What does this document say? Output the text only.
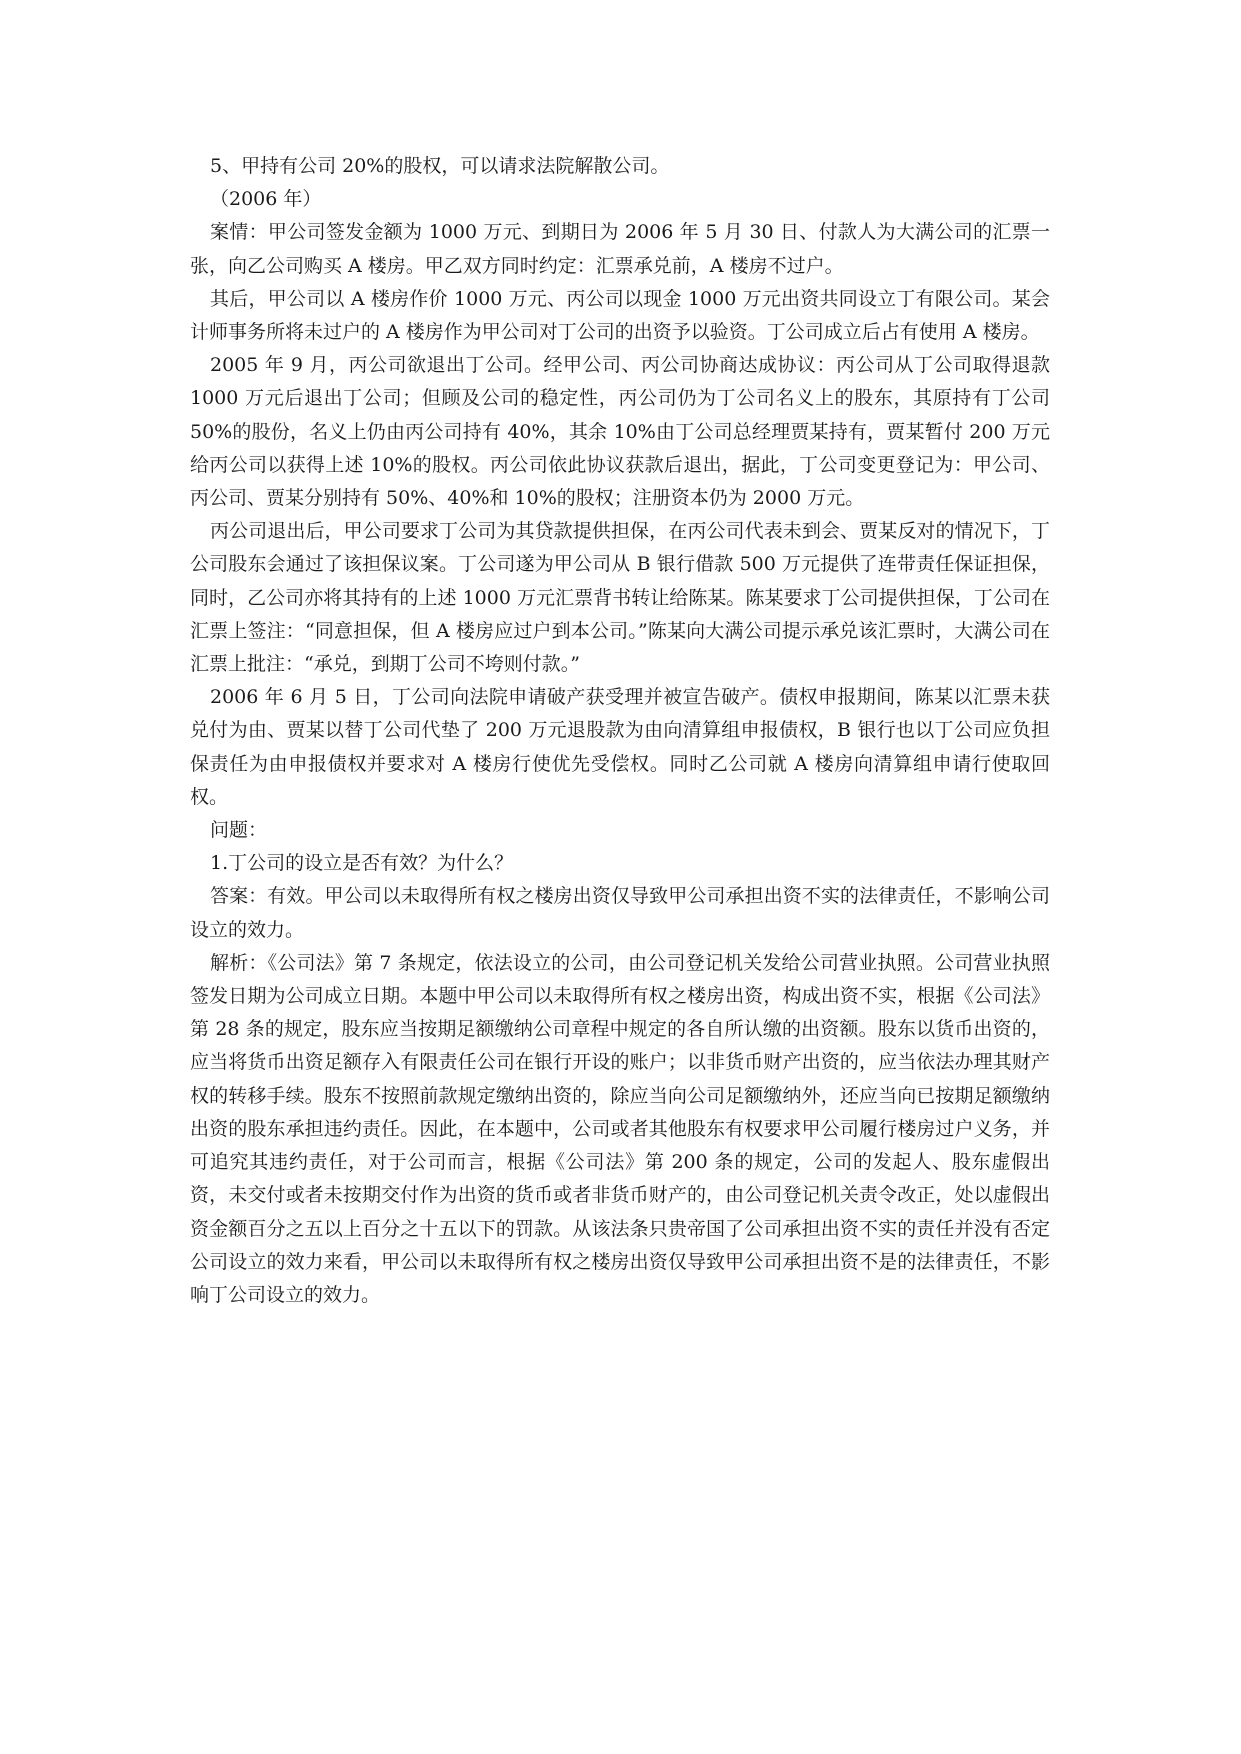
5、甲持有公司 20%的股权，可以请求法院解散公司。

（2006 年）

案情：甲公司签发金额为 1000 万元、到期日为 2006 年 5 月 30 日、付款人为大满公司的汇票一张，向乙公司购买 A 楼房。甲乙双方同时约定：汇票承兑前，A 楼房不过户。

其后，甲公司以 A 楼房作价 1000 万元、丙公司以现金 1000 万元出资共同设立丁有限公司。某会计师事务所将未过户的 A 楼房作为甲公司对丁公司的出资予以验资。丁公司成立后占有使用 A 楼房。

2005 年 9 月，丙公司欲退出丁公司。经甲公司、丙公司协商达成协议：丙公司从丁公司取得退款 1000 万元后退出丁公司；但顾及公司的稳定性，丙公司仍为丁公司名义上的股东，其原持有丁公司 50%的股份，名义上仍由丙公司持有 40%，其余 10%由丁公司总经理贾某持有，贾某暂付 200 万元给丙公司以获得上述 10%的股权。丙公司依此协议获款后退出，据此，丁公司变更登记为：甲公司、丙公司、贾某分别持有 50%、40%和 10%的股权；注册资本仍为 2000 万元。

丙公司退出后，甲公司要求丁公司为其贷款提供担保，在丙公司代表未到会、贾某反对的情况下，丁公司股东会通过了该担保议案。丁公司遂为甲公司从 B 银行借款 500 万元提供了连带责任保证担保，同时，乙公司亦将其持有的上述 1000 万元汇票背书转让给陈某。陈某要求丁公司提供担保，丁公司在汇票上签注：“同意担保，但 A 楼房应过户到本公司。”陈某向大满公司提示承兑该汇票时，大满公司在汇票上批注：“承兑，到期丁公司不垮则付款。”

2006 年 6 月 5 日，丁公司向法院申请破产获受理并被宣告破产。债权申报期间，陈某以汇票未获兑付为由、贾某以替丁公司代垫了 200 万元退股款为由向清算组申报债权，B 银行也以丁公司应负担保责任为由申报债权并要求对 A 楼房行使优先受偿权。同时乙公司就 A 楼房向清算组申请行使取回权。

问题：

1.丁公司的设立是否有效？为什么？

答案：有效。甲公司以未取得所有权之楼房出资仅导致甲公司承担出资不实的法律责任，不影响公司设立的效力。

解析：《公司法》第 7 条规定，依法设立的公司，由公司登记机关发给公司营业执照。公司营业执照签发日期为公司成立日期。本题中甲公司以未取得所有权之楼房出资，构成出资不实，根据《公司法》第 28 条的规定，股东应当按期足额缴纳公司章程中规定的各自所认缴的出资额。股东以货币出资的，应当将货币出资足额存入有限责任公司在银行开设的账户；以非货币财产出资的，应当依法办理其财产权的转移手续。股东不按照前款规定缴纳出资的，除应当向公司足额缴纳外，还应当向已按期足额缴纳出资的股东承担违约责任。因此，在本题中，公司或者其他股东有权要求甲公司履行楼房过户义务，并可追究其违约责任，对于公司而言，根据《公司法》第 200 条的规定，公司的发起人、股东虚假出资，未交付或者未按期交付作为出资的货币或者非货币财产的，由公司登记机关责令改正，处以虚假出资金额百分之五以上百分之十五以下的罚款。从该法条只贵帝国了公司承担出资不实的责任并没有否定公司设立的效力来看，甲公司以未取得所有权之楼房出资仅导致甲公司承担出资不是的法律责任，不影响丁公司设立的效力。
